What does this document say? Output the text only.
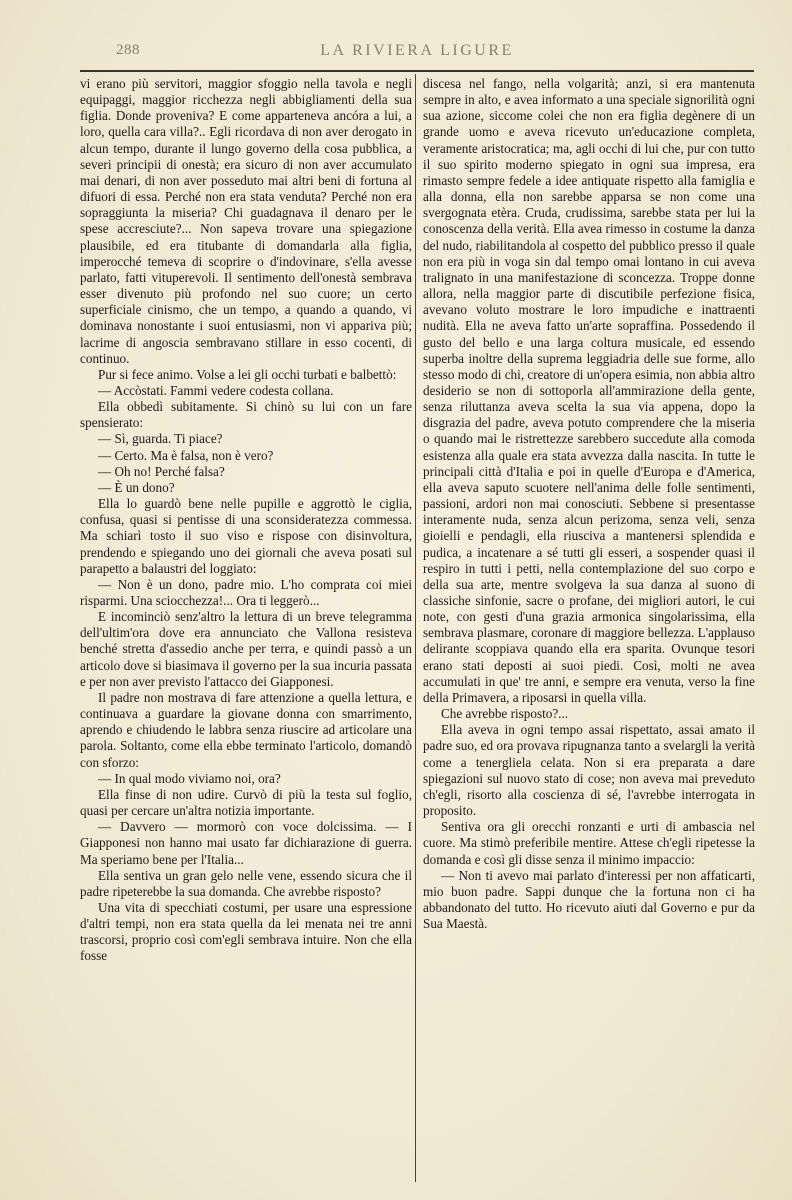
288	LA RIVIERA LIGURE

vi erano più servitori, maggior sfoggio nella tavola e negli equipaggi, maggior ricchezza negli abbigliamenti della sua figlia. Donde proveniva? E come apparteneva ancóra a lui, a loro, quella cara villa?.. Egli ricordava di non aver derogato in alcun tempo, durante il lungo governo della cosa pubblica, a severi principii di onestà; era sicuro di non aver accumulato mai denari, di non aver posseduto mai altri beni di fortuna al difuori di essa. Perché non era stata venduta? Perché non era sopraggiunta la miseria? Chi guadagnava il denaro per le spese accresciute?... Non sapeva trovare una spiegazione plausibile, ed era titubante di domandarla alla figlia, imperocché temeva di scoprire o d'indovinare, s'ella avesse parlato, fatti vituperevoli. Il sentimento dell'onestà sembrava esser divenuto più profondo nel suo cuore; un certo superficiale cinismo, che un tempo, a quando a quando, vi dominava nonostante i suoi entusiasmi, non vi appariva più; lacrime di angoscia sembravano stillare in esso cocenti, di continuo.

Pur si fece animo. Volse a lei gli occhi turbati e balbettò:

— Accòstati. Fammi vedere codesta collana.

Ella obbedì subitamente. Si chinò su lui con un fare spensierato:

— Sì, guarda. Ti piace?

— Certo. Ma è falsa, non è vero?

— Oh no! Perché falsa?

— È un dono?

Ella lo guardò bene nelle pupille e aggrottò le ciglia, confusa, quasi si pentisse di una sconsideratezza commessa. Ma schiarì tosto il suo viso e rispose con disinvoltura, prendendo e spiegando uno dei giornali che aveva posati sul parapetto a balaustri del loggiato:

— Non è un dono, padre mio. L'ho comprata coi miei risparmi. Una sciocchezza!... Ora ti leggerò...

E incominciò senz'altro la lettura di un breve telegramma dell'ultim'ora dove era annunciato che Vallona resisteva benché stretta d'assedio anche per terra, e quindi passò a un articolo dove si biasimava il governo per la sua incuria passata e per non aver previsto l'attacco dei Giapponesi.

Il padre non mostrava di fare attenzione a quella lettura, e continuava a guardare la giovane donna con smarrimento, aprendo e chiudendo le labbra senza riuscire ad articolare una parola. Soltanto, come ella ebbe terminato l'articolo, domandò con sforzo:

— In qual modo viviamo noi, ora?

Ella finse di non udire. Curvò di più la testa sul foglio, quasi per cercare un'altra notizia importante.

— Davvero — mormorò con voce dolcissima. — I Giapponesi non hanno mai usato far dichiarazione di guerra. Ma speriamo bene per l'Italia...

Ella sentiva un gran gelo nelle vene, essendo sicura che il padre ripeterebbe la sua domanda. Che avrebbe risposto?

Una vita di specchiati costumi, per usare una espressione d'altri tempi, non era stata quella da lei menata nei tre anni trascorsi, proprio così com'egli sembrava intuire. Non che ella fosse

discesa nel fango, nella volgarità; anzi, si era mantenuta sempre in alto, e avea informato a una speciale signorilità ogni sua azione, siccome colei che non era figlia degènere di un grande uomo e aveva ricevuto un'educazione completa, veramente aristocratica; ma, agli occhi di lui che, pur con tutto il suo spirito moderno spiegato in ogni sua impresa, era rimasto sempre fedele a idee antiquate rispetto alla famiglia e alla donna, ella non sarebbe apparsa se non come una svergognata etèra. Cruda, crudissima, sarebbe stata per lui la conoscenza della verità. Ella avea rimesso in costume la danza del nudo, riabilitandola al cospetto del pubblico presso il quale non era più in voga sin dal tempo omai lontano in cui aveva tralignato in una manifestazione di sconcezza. Troppe donne allora, nella maggior parte di discutibile perfezione fisica, avevano voluto mostrare le loro impudiche e inattraenti nudità. Ella ne aveva fatto un'arte sopraffina. Possedendo il gusto del bello e una larga coltura musicale, ed essendo superba inoltre della suprema leggiadria delle sue forme, allo stesso modo di chi, creatore di un'opera esimia, non abbia altro desiderio se non di sottoporla all'ammirazione della gente, senza riluttanza aveva scelta la sua via appena, dopo la disgrazia del padre, aveva potuto comprendere che la miseria o quando mai le ristrettezze sarebbero succedute alla comoda esistenza alla quale era stata avvezza dalla nascita. In tutte le principali città d'Italia e poi in quelle d'Europa e d'America, ella aveva saputo scuotere nell'anima delle folle sentimenti, passioni, ardori non mai conosciuti. Sebbene si presentasse interamente nuda, senza alcun perizoma, senza veli, senza gioielli e pendagli, ella riusciva a mantenersi splendida e pudica, a incatenare a sé tutti gli esseri, a sospender quasi il respiro in tutti i petti, nella contemplazione del suo corpo e della sua arte, mentre svolgeva la sua danza al suono di classiche sinfonie, sacre o profane, dei migliori autori, le cui note, con gesti d'una grazia armonica singolarissima, ella sembrava plasmare, coronare di maggiore bellezza. L'applauso delirante scoppiava quando ella era sparita. Ovunque tesori erano stati deposti ai suoi piedi. Così, molti ne avea accumulati in que' tre anni, e sempre era venuta, verso la fine della Primavera, a riposarsi in quella villa.

Che avrebbe risposto?...

Ella aveva in ogni tempo assai rispettato, assai amato il padre suo, ed ora provava ripugnanza tanto a svelargli la verità come a tenergliela celata. Non si era preparata a dare spiegazioni sul nuovo stato di cose; non aveva mai preveduto ch'egli, risorto alla coscienza di sé, l'avrebbe interrogata in proposito.

Sentiva ora gli orecchi ronzanti e urti di ambascia nel cuore. Ma stimò preferibile mentire. Attese ch'egli ripetesse la domanda e così gli disse senza il minimo impaccio:

— Non ti avevo mai parlato d'interessi per non affaticarti, mio buon padre. Sappi dunque che la fortuna non ci ha abbandonato del tutto. Ho ricevuto aiuti dal Governo e pur da Sua Maestà.
